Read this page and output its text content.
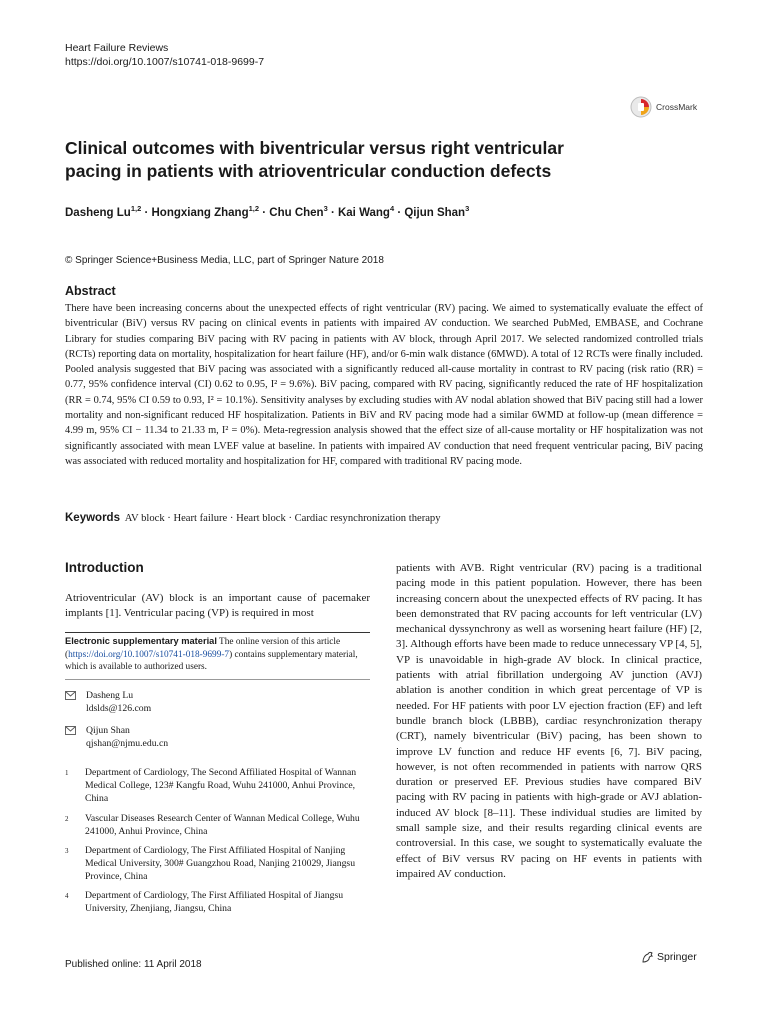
Heart Failure Reviews
https://doi.org/10.1007/s10741-018-9699-7
CrossMark
Clinical outcomes with biventricular versus right ventricular pacing in patients with atrioventricular conduction defects
Dasheng Lu$^{1,2}$ · Hongxiang Zhang$^{1,2}$ · Chu Chen$^3$ · Kai Wang$^4$ · Qijun Shan$^3$
© Springer Science+Business Media, LLC, part of Springer Nature 2018
Abstract
There have been increasing concerns about the unexpected effects of right ventricular (RV) pacing. We aimed to systematically evaluate the effect of biventricular (BiV) versus RV pacing on clinical events in patients with impaired AV conduction. We searched PubMed, EMBASE, and Cochrane Library for studies comparing BiV pacing with RV pacing in patients with AV block, through April 2017. We selected randomized controlled trials (RCTs) reporting data on mortality, hospitalization for heart failure (HF), and/or 6-min walk distance (6MWD). A total of 12 RCTs were finally included. Pooled analysis suggested that BiV pacing was associated with a significantly reduced all-cause mortality in contrast to RV pacing (risk ratio (RR) = 0.77, 95% confidence interval (CI) 0.62 to 0.95, I² = 9.6%). BiV pacing, compared with RV pacing, significantly reduced the rate of HF hospitalization (RR = 0.74, 95% CI 0.59 to 0.93, I² = 10.1%). Sensitivity analyses by excluding studies with AV nodal ablation showed that BiV pacing still had a lower mortality and non-significant reduced HF hospitalization. Patients in BiV and RV pacing mode had a similar 6WMD at follow-up (mean difference = 4.99 m, 95% CI − 11.34 to 21.33 m, I² = 0%). Meta-regression analysis showed that the effect size of all-cause mortality or HF hospitalization was not significantly associated with mean LVEF value at baseline. In patients with impaired AV conduction that need frequent ventricular pacing, BiV pacing was associated with reduced mortality and hospitalization for HF, compared with traditional RV pacing mode.
Keywords AV block · Heart failure · Heart block · Cardiac resynchronization therapy
Introduction
Atrioventricular (AV) block is an important cause of pacemaker implants [1]. Ventricular pacing (VP) is required in most
Electronic supplementary material The online version of this article (https://doi.org/10.1007/s10741-018-9699-7) contains supplementary material, which is available to authorized users.
Dasheng Lu
ldslds@126.com
Qijun Shan
qjshan@njmu.edu.cn
1	Department of Cardiology, The Second Affiliated Hospital of Wannan Medical College, 123# Kangfu Road, Wuhu 241000, Anhui Province, China
2	Vascular Diseases Research Center of Wannan Medical College, Wuhu 241000, Anhui Province, China
3	Department of Cardiology, The First Affiliated Hospital of Nanjing Medical University, 300# Guangzhou Road, Nanjing 210029, Jiangsu Province, China
4	Department of Cardiology, The First Affiliated Hospital of Jiangsu University, Zhenjiang, Jiangsu, China
patients with AVB. Right ventricular (RV) pacing is a traditional pacing mode in this patient population. However, there has been increasing concern about the unexpected effects of RV pacing. It has been demonstrated that RV pacing accounts for left ventricular (LV) mechanical dyssynchrony as well as worsening heart failure (HF) [2, 3]. Although efforts have been made to reduce unnecessary VP [4, 5], VP is unavoidable in high-grade AV block. In clinical practice, patients with atrial fibrillation undergoing AV junction (AVJ) ablation is another condition in which great percentage of VP is needed. For HF patients with poor LV ejection fraction (EF) and left bundle branch block (LBBB), cardiac resynchronization therapy (CRT), namely biventricular (BiV) pacing, has been shown to improve LV function and reduce HF events [6, 7]. BiV pacing, however, is not often recommended in patients with narrow QRS duration or preserved EF. Previous studies have compared BiV pacing with RV pacing in patients with high-grade or AVJ ablation-induced AV block [8–11]. These individual studies are limited by small sample size, and their results regarding clinical events are controversial. In this case, we sought to systematically evaluate the effect of BiV versus RV pacing on HF events in patients with impaired AV conduction.
Published online: 11 April 2018
Springer
